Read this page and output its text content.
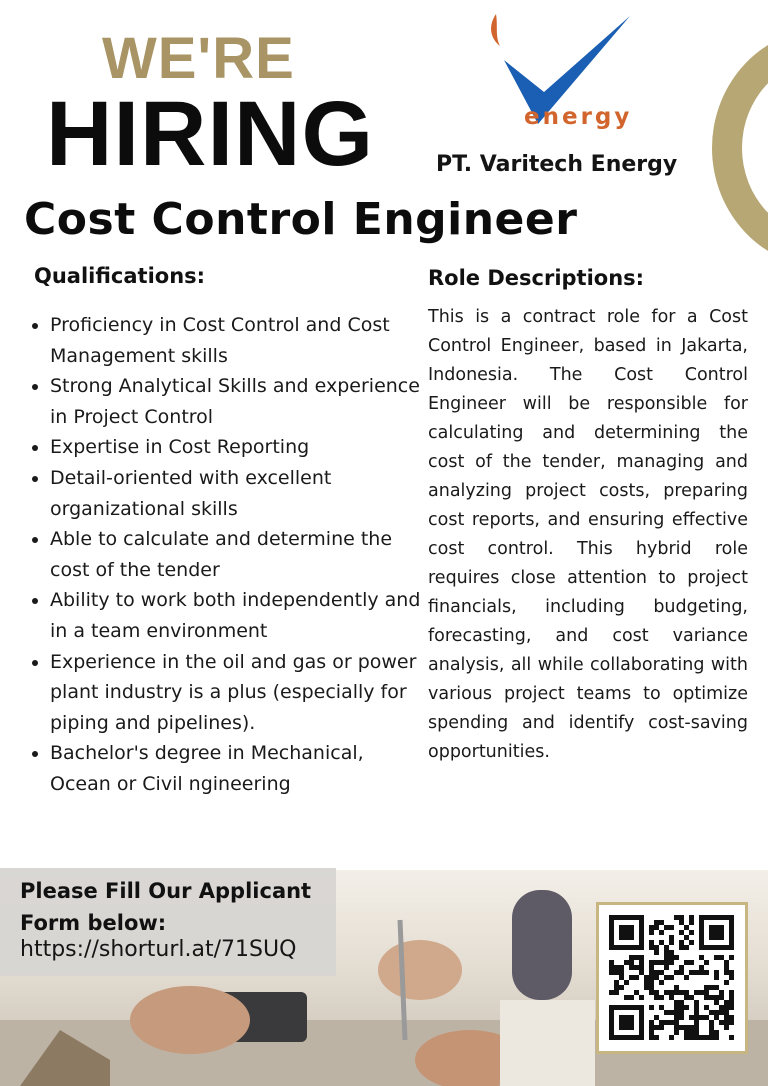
WE'RE
HIRING	energy
PT. Varitech Energy
Cost Control Engineer
Qualifications:
• Proficiency in Cost Control and Cost Management skills
• Strong Analytical Skills and experience in Project Control
• Expertise in Cost Reporting
• Detail-oriented with excellent organizational skills
• Able to calculate and determine the cost of the tender
• Ability to work both independently and in a team environment
• Experience in the oil and gas or power plant industry is a plus (especially for piping and pipelines).
• Bachelor's degree in Mechanical, Ocean or Civil ngineering
Role Descriptions:

This is a contract role for a Cost Control Engineer, based in Jakarta, Indonesia. The Cost Control Engineer will be responsible for calculating and determining the cost of the tender, managing and analyzing project costs, preparing cost reports, and ensuring effective cost control. This hybrid role requires close attention to project financials, including budgeting, forecasting, and cost variance analysis, all while collaborating with various project teams to optimize spending and identify cost-saving opportunities.

Please Fill Our Applicant Form below:

https://shorturl.at/71SUQ
